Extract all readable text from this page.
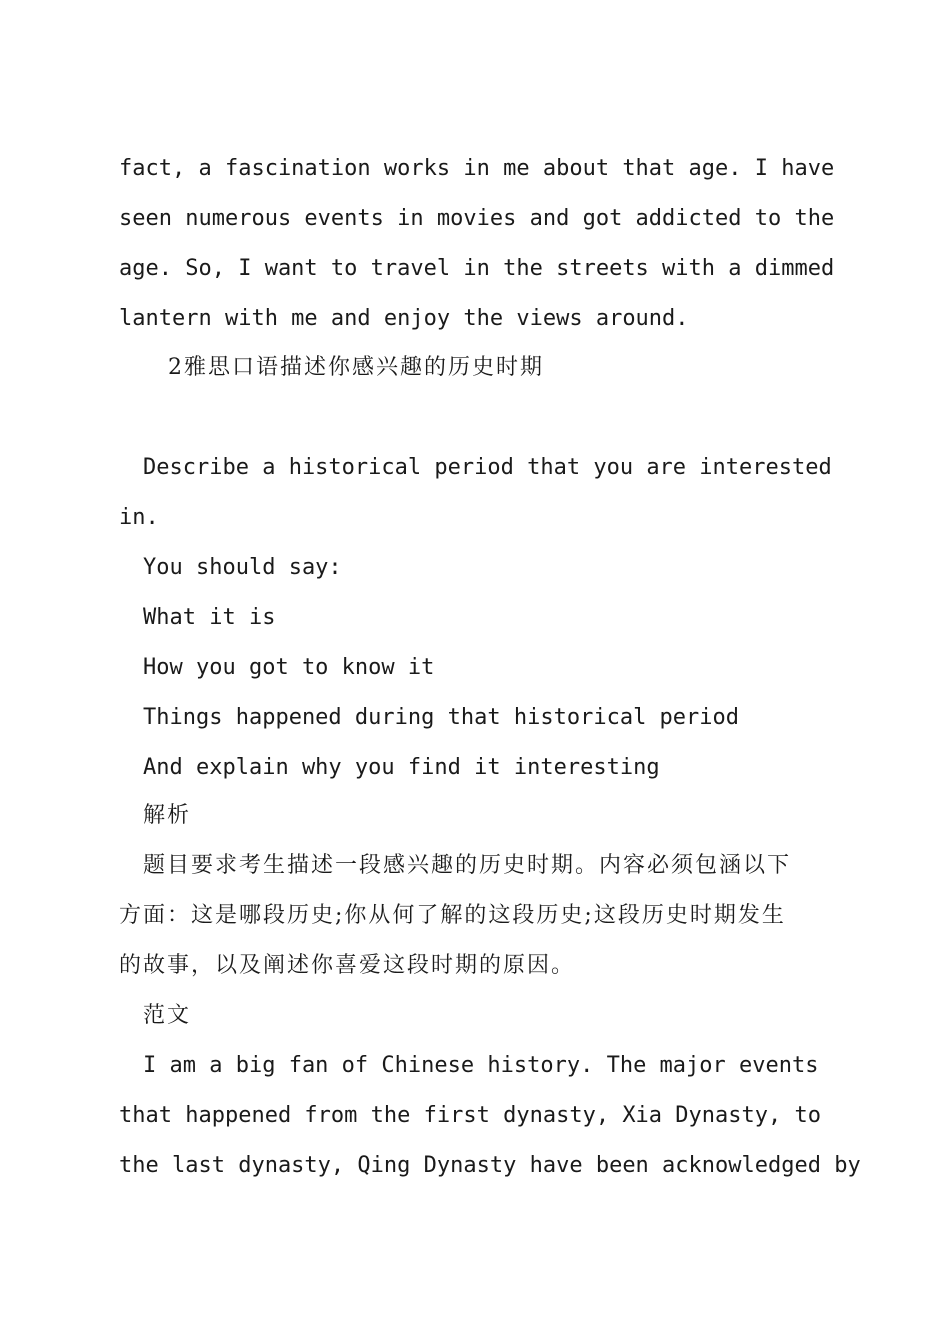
fact, a fascination works in me about that age. I have
seen numerous events in movies and got addicted to the
age. So, I want to travel in the streets with a dimmed
lantern with me and enjoy the views around.
2雅思口语描述你感兴趣的历史时期
Describe a historical period that you are interested
in.
You should say:
What it is
How you got to know it
Things happened during that historical period
And explain why you find it interesting
解析
题目要求考生描述一段感兴趣的历史时期。内容必须包涵以下
方面：这是哪段历史;你从何了解的这段历史;这段历史时期发生
的故事，以及阐述你喜爱这段时期的原因。
范文
I am a big fan of Chinese history. The major events
that happened from the first dynasty, Xia Dynasty, to
the last dynasty, Qing Dynasty have been acknowledged by
